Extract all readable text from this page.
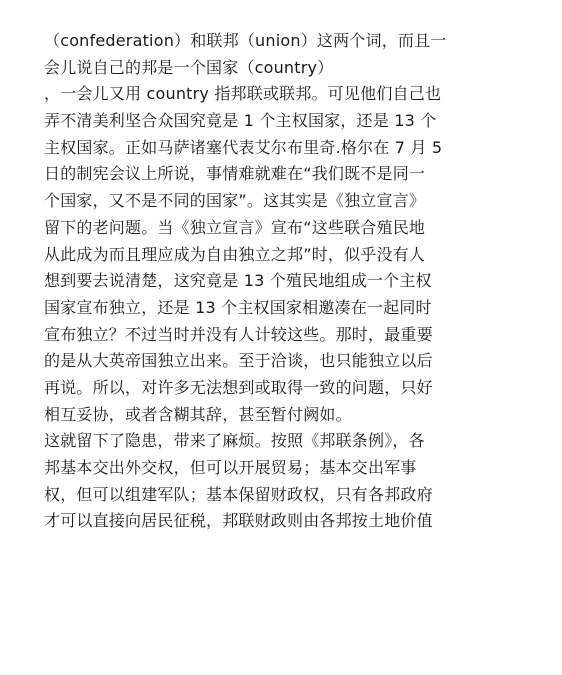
（confederation）和联邦（union）这两个词，而且一
会儿说自己的邦是一个国家（country）
，一会儿又用 country 指邦联或联邦。可见他们自己也
弄不清美利坚合众国究竟是 1 个主权国家，还是 13 个
主权国家。正如马萨诸塞代表艾尔布里奇.格尔在 7 月 5
日的制宪会议上所说，事情难就难在“我们既不是同一
个国家，又不是不同的国家”。这其实是《独立宣言》
留下的老问题。当《独立宣言》宣布“这些联合殖民地
从此成为而且理应成为自由独立之邦”时，似乎没有人
想到要去说清楚，这究竟是 13 个殖民地组成一个主权
国家宣布独立，还是 13 个主权国家相邀凑在一起同时
宣布独立？不过当时并没有人计较这些。那时，最重要
的是从大英帝国独立出来。至于洽谈，也只能独立以后
再说。所以，对许多无法想到或取得一致的问题，只好
相互妥协，或者含糊其辞，甚至暂付阙如。
这就留下了隐患，带来了麻烦。按照《邦联条例》，各
邦基本交出外交权，但可以开展贸易；基本交出军事
权，但可以组建军队；基本保留财政权，只有各邦政府
才可以直接向居民征税，邦联财政则由各邦按土地价值
